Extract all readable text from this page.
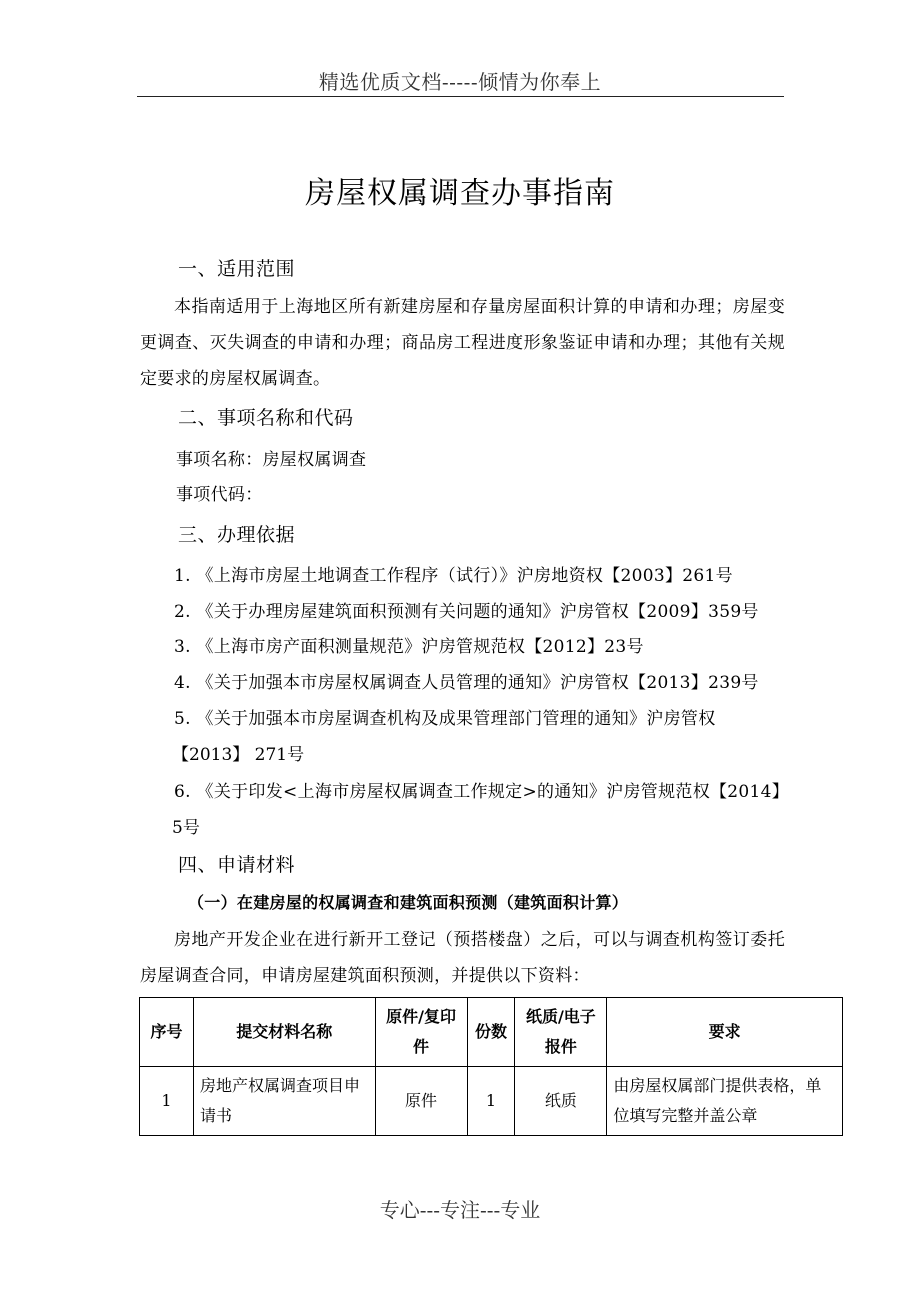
精选优质文档-----倾情为你奉上
房屋权属调查办事指南
一、适用范围
本指南适用于上海地区所有新建房屋和存量房屋面积计算的申请和办理；房屋变更调查、灭失调查的申请和办理；商品房工程进度形象鉴证申请和办理；其他有关规定要求的房屋权属调查。
二、事项名称和代码
事项名称：房屋权属调查
事项代码：
三、办理依据
1. 《上海市房屋土地调查工作程序（试行）》沪房地资权【2003】261号
2. 《关于办理房屋建筑面积预测有关问题的通知》沪房管权【2009】359号
3. 《上海市房产面积测量规范》沪房管规范权【2012】23号
4. 《关于加强本市房屋权属调查人员管理的通知》沪房管权【2013】239号
5. 《关于加强本市房屋调查机构及成果管理部门管理的通知》沪房管权
【2013】 271号
6. 《关于印发<上海市房屋权属调查工作规定>的通知》沪房管规范权【2014】
5号
四、申请材料
（一）在建房屋的权属调查和建筑面积预测（建筑面积计算）
房地产开发企业在进行新开工登记（预搭楼盘）之后，可以与调查机构签订委托房屋调查合同，申请房屋建筑面积预测，并提供以下资料：
序号	提交材料名称	原件/复印件	份数	纸质/电子报件	要求
1	房地产权属调查项目申请书	原件	1	纸质	由房屋权属部门提供表格，单位填写完整并盖公章
专心---专注---专业
